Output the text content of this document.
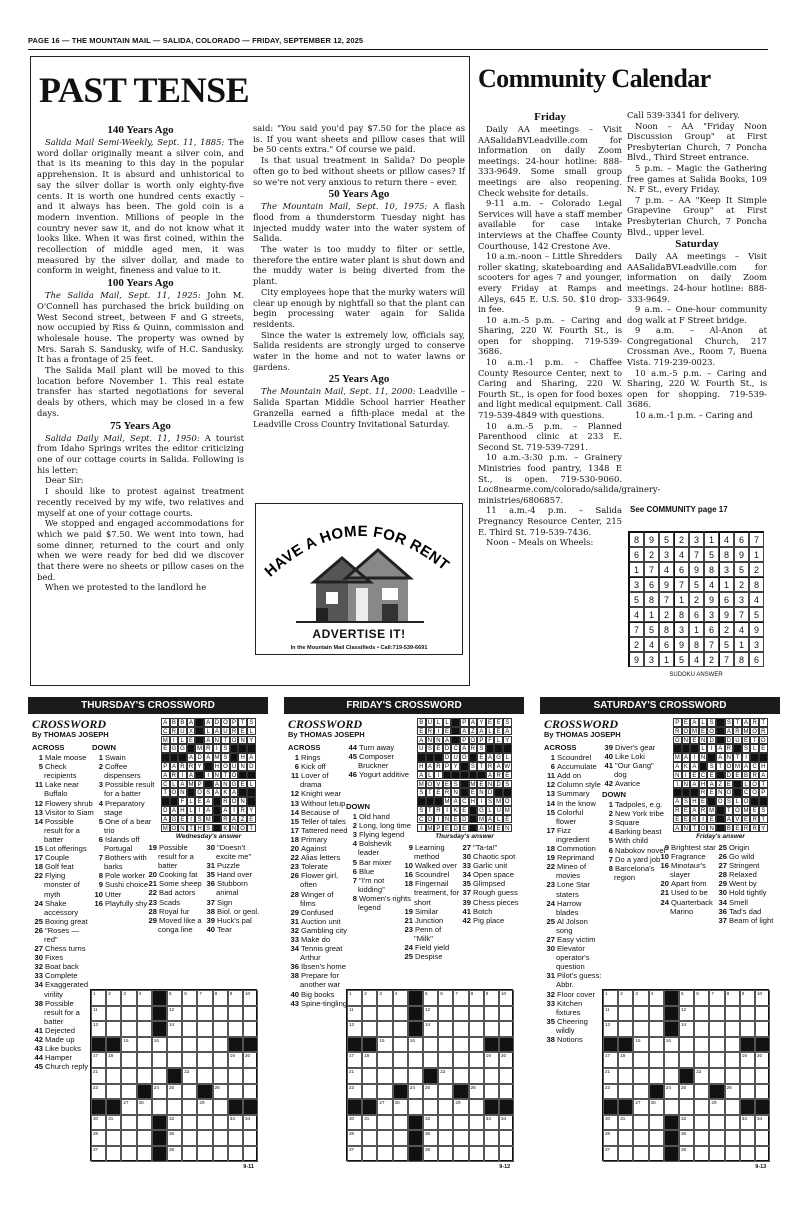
PAGE 16 — THE MOUNTAIN MAIL — SALIDA, COLORADO — FRIDAY, SEPTEMBER 12, 2025
PAST TENSE
140 Years Ago

Salida Mail Semi-Weekly, Sept. 11, 1885: The word dollar originally meant a silver coin, and that is its meaning to this day in the popular apprehension. It is absurd and unhistorical to say the silver dollar is worth only eighty-five cents. It is worth one hundred cents exactly – and it always has been. The gold coin is a modern invention. Millions of people in the country never saw it, and do not know what it looks like. When it was first coined, within the recollection of middle aged men, it was measured by the silver dollar, and made to conform in weight, fineness and value to it.

100 Years Ago

The Salida Mail, Sept. 11, 1925: John M. O'Connell has purchased the brick building on West Second street, between F and G streets, now occupied by Riss & Quinn, commission and wholesale house. The property was owned by Mrs. Sarah S. Sandusky, wife of H.C. Sandusky. It has a frontage of 25 feet.

The Salida Mail plant will be moved to this location before November 1. This real estate transfer has started negotiations for several deals by others, which may be closed in a few days.

75 Years Ago

Salida Daily Mail, Sept. 11, 1950: A tourist from Idaho Springs writes the editor criticizing one of our cottage courts in Salida. Following is his letter:

Dear Sir:

I should like to protest against treatment recently received by my wife, two relatives and myself at one of your cottage courts.

We stopped and engaged accommodations for which we paid $7.50. We went into town, had some dinner, returned to the court and only when we were ready for bed did we discover that there were no sheets or pillow cases on the bed.

When we protested to the landlord he

said: "You said you'd pay $7.50 for the place as is. If you want sheets and pillow cases that will be 50 cents extra." Of course we paid.

Is that usual treatment in Salida? Do people often go to bed without sheets or pillow cases? If so we're not very anxious to return there – ever.

50 Years Ago

The Mountain Mail, Sept. 10, 1975: A flash flood from a thunderstorm Tuesday night has injected muddy water into the water system of Salida.

The water is too muddy to filter or settle, therefore the entire water plant is shut down and the muddy water is being diverted from the plant.

City employees hope that the murky waters will clear up enough by nightfall so that the plant can begin processing water again for Salida residents.

Since the water is extremely low, officials say, Salida residents are strongly urged to conserve water in the home and not to water lawns or gardens.

25 Years Ago

The Mountain Mail, Sept. 11, 2000: Leadville – Salida Spartan Middle School harrier Heather Granzella earned a fifth-place medal at the Leadville Cross Country Invitational Saturday.

HAVE A HOME FOR RENT
ADVERTISE IT!
In the Mountain Mail Classifieds • Call:719-539-6691
Community Calendar
Friday

Daily AA meetings – Visit AASalidaBVLeadville.com for information on daily Zoom meetings. 24-hour hotline: 888-333-9649. Some small group meetings are also reopening. Check website for details.

9-11 a.m. – Colorado Legal Services will have a staff member available for case intake interviews at the Chaffee County Courthouse, 142 Crestone Ave.

10 a.m.-noon – Little Shredders roller skating, skateboarding and scooters for ages 7 and younger, every Friday at Ramps and Alleys, 645 E. U.S. 50. $10 drop-in fee.

10 a.m.-5 p.m. – Caring and Sharing, 220 W. Fourth St., is open for shopping. 719-539-3686.

10 a.m.-1 p.m. – Chaffee County Resource Center, next to Caring and Sharing, 220 W. Fourth St., is open for food boxes and light medical equipment. Call 719-539-4849 with questions.

10 a.m.-5 p.m. – Planned Parenthood clinic at 233 E. Second St. 719-539-7291.

10 a.m.-3:30 p.m. – Grainery Ministries food pantry, 1348 E St., is open. 719-530-9060. Loc8nearme.com/colorado/salida/grainery-ministries/6806857.

11 a.m.-4 p.m. – Salida Pregnancy Resource Center, 215 E. Third St. 719-539-7436.

Noon – Meals on Wheels:

Call 539-3341 for delivery.

Noon – AA "Friday Noon Discussion Group" at First Presbyterian Church, 7 Poncha Blvd., Third Street entrance.

5 p.m. – Magic the Gathering free games at Salida Books, 109 N. F St., every Friday.

7 p.m. – AA "Keep It Simple Grapevine Group" at First Presbyterian Church, 7 Poncha Blvd., upper level.

Saturday

Daily AA meetings – Visit AASalidaBVLeadville.com for information on daily Zoom meetings. 24-hour hotline: 888-333-9649.

9 a.m. – One-hour community dog walk at F Street bridge.

9 a.m. – Al-Anon at Congregational Church, 217 Crossman Ave., Room 7, Buena Vista. 719-239-0023.

10 a.m.-5 p.m. – Caring and Sharing, 220 W. Fourth St., is open for shopping. 719-539-3686.

10 a.m.-1 p.m. – Caring and

See COMMUNITY page 17
8	9	5	2	3	1	4	6	7
6	2	3	4	7	5	8	9	1
1	7	4	6	9	8	3	5	2
3	6	9	7	5	4	1	2	8
5	8	7	1	2	9	6	3	4
4	1	2	8	6	3	9	7	5
7	5	8	3	1	6	2	4	9
2	4	6	9	8	7	5	1	3
9	3	1	5	4	2	7	8	6
SUDOKU ANSWER
THURSDAY'S CROSSWORD
CROSSWORD
By THOMAS JOSEPH
A B B A	A D O P T S
C R U X	L A U R E L
M I	L E	A N T O N Y
E G G	M R I S
A D A M S	H A
P A R R Y	H O U N D
A R I A	I N T O
C L A M P	A N G E L
T O N	O S A K A
F L E A	R O N
D A H L	I A	A I R Y
A G E I S M	R A Z E
M O N T H S	K N O T
Wednesday's answer
ACROSS
1 Male moose
5 Check recipients
11 Lake near Buffalo
12 Flowery shrub
13 Visitor to Siam
14 Possible result for a batter
15 Lot offerings
17 Couple
18 Golf feat
22 Flying monster of myth
24 Shake accessory
25 Boxing great
26 "Roses — red"
27 Chess turns
30 Fixes
32 Boat back
33 Complete
34 Exaggerated virility
38 Possible result for a batter
41 Dejected
42 Made up
43 Like bucks
44 Hamper
45 Church reply
DOWN
1 Swain
2 Coffee dispensers
3 Possible result for a batter
4 Preparatory stage
5 One of a bear trio
6 Islands off Portugal
7 Bothers with barks
8 Pole worker
9 Sushi choice
10 Utter
16 Playfully shy
19 Possible result for a batter
20 Cooking fat
21 Some sheep
22 Bad actors
23 Scads
28 Royal fur
29 Moved like a conga line
30 "Doesn't excite me"
31 Puzzle
35 Hand over
36 Stubborn animal
37 Sign
38 Biol. or geol.
39 Huck's pal
40 Tear
1	2	3	4	5	6	7	8	9	10
11	12
13	14
15	16
17	18	19	20
21	22
23	24	25	26
27	28	29
30	31	32	33	34
35	36
37	38
9-11
FRIDAY'S CROSSWORD
CROSSWORD
By THOMAS JOSEPH
B U L L	P A Y E E S
E R I E	A Z A L E A
A N N A	P O P F L Y
U S E D C A R S
D U O	E A G L
H A R P Y	S T R A W
A L	I	A R E
M O V E S	M E N D S
S T E R N	E N D
M A C H I S M O
S T R I K E	G L U M
C O I N E D	M A L E
I M P E D E	A M E N
Thursday's answer
ACROSS
1 Rings
6 Kick off
11 Lover of drama
12 Knight wear
13 Without letup
14 Because of
15 Teller of tales
17 Tattered need
18 Primary
20 Against
22 Alias letters
23 Tolerate
26 Flower girl, often
28 Winger of films
29 Confused
31 Auction unit
32 Gambling city
33 Make do
34 Tennis great Arthur
36 Ibsen's home
38 Prepare for another war
40 Big books
43 Spine-tingling
44 Turn away
45 Composer Bruckner
46 Yogurt additive
DOWN
1 Old hand
2 Long, long time
3 Flying legend
4 Bolshevik leader
5 Bar mixer
6 Blue
7 "I'm not kidding"
8 Women's rights legend
9 Learning method
10 Walked over
16 Scoundrel
18 Fingernail treatment, for short
19 Similar
21 Junction
23 Penn of "Milk"
24 Field yield
25 Despise
27 "Ta-ta!"
30 Chaotic spot
33 Garlic unit
34 Open space
35 Glimpsed
37 Rough guess
39 Chess pieces
41 Botch
42 Pig place
1	2	3	4	5	6	7	8	9	10
11	12
13	14
15	16
17	18	19	20
21	22
23	24	25	26
27	28	29
30	31	32	33	34
35	36
37	38
9-12
SATURDAY'S CROSSWORD
CROSSWORD
By THOMAS JOSEPH
P E A L S	S T A R T
R O M E O	A R M O R
O N E N D	D U E T O
L	I A R	S L E
M A I N	A N T I
A K A	S T O M A C H
N I E C E	D E B R A
I N A H A Z E	L O T
R E N O	C O P
A S H E	O S L O
R E A R M	T O M E S
E E R I E	A V E R T
A N T O N	B E R R Y
Friday's answer
ACROSS
1 Scoundrel
6 Accumulate
11 Add on
12 Column style
13 Summary
14 In the know
15 Colorful flower
17 Fizz ingredient
18 Commotion
19 Reprimand
22 Mineo of movies
23 Lone Star staters
24 Harrow blades
25 Al Jolson song
27 Easy victim
30 Elevator operator's question
31 Pilot's guess: Abbr.
32 Floor cover
33 Kitchen fixtures
35 Cheering wildly
38 Notions
39 Diver's gear
40 Like Loki
41 "Our Gang" dog
42 Avarice
DOWN
1 Tadpoles, e.g.
2 New York tribe
3 Square
4 Barking beast
5 With child
6 Nabokov novel
7 Do a yard job
8 Barcelona's region
9 Brightest star
10 Fragrance
16 Minotaur's slayer
20 Apart from
21 Used to be
24 Quarterback Marino
25 Origin
26 Go wild
27 Stringent
28 Relaxed
29 Went by
30 Hold tightly
34 Smell
36 Tad's dad
37 Beam of light
1	2	3	4	5	6	7	8	9	10
11	12
13	14
15	16
17	18	19	20
21	22
23	24	25	26
27	28	29
30	31	32	33	34
35	36
37	38
9-13
